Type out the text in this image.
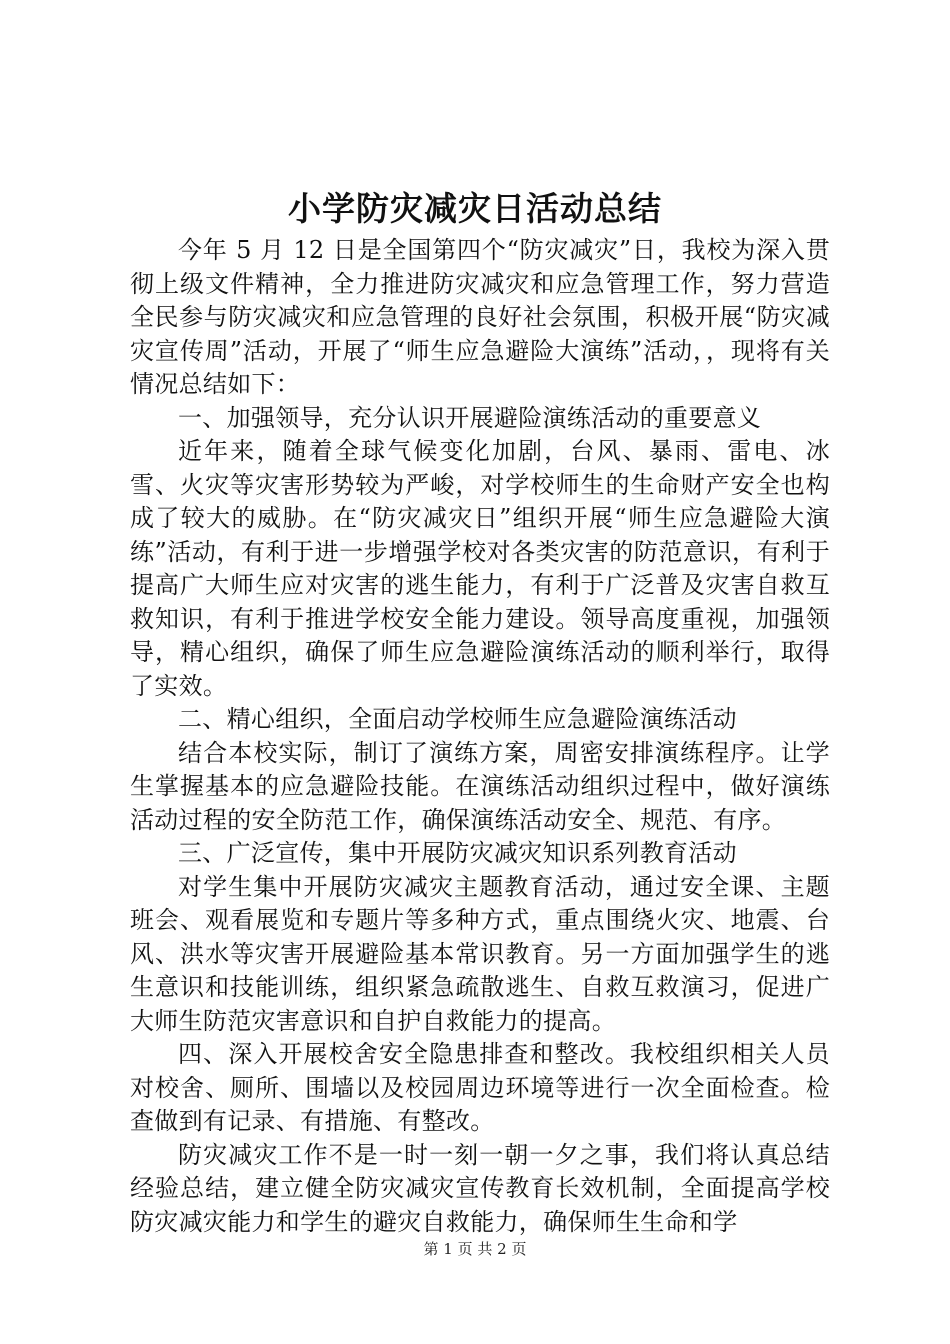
小学防灾减灾日活动总结

今年 5 月 12 日是全国第四个“防灾减灾”日，我校为深入贯彻上级文件精神，全力推进防灾减灾和应急管理工作，努力营造全民参与防灾减灾和应急管理的良好社会氛围，积极开展“防灾减灾宣传周”活动，开展了“师生应急避险大演练”活动，，现将有关情况总结如下：

一、加强领导，充分认识开展避险演练活动的重要意义

近年来，随着全球气候变化加剧，台风、暴雨、雷电、冰雪、火灾等灾害形势较为严峻，对学校师生的生命财产安全也构成了较大的威胁。在“防灾减灾日”组织开展“师生应急避险大演练”活动，有利于进一步增强学校对各类灾害的防范意识，有利于提高广大师生应对灾害的逃生能力，有利于广泛普及灾害自救互救知识，有利于推进学校安全能力建设。领导高度重视，加强领导，精心组织，确保了师生应急避险演练活动的顺利举行，取得了实效。

二、精心组织，全面启动学校师生应急避险演练活动

结合本校实际，制订了演练方案，周密安排演练程序。让学生掌握基本的应急避险技能。在演练活动组织过程中，做好演练活动过程的安全防范工作，确保演练活动安全、规范、有序。

三、广泛宣传，集中开展防灾减灾知识系列教育活动

对学生集中开展防灾减灾主题教育活动，通过安全课、主题班会、观看展览和专题片等多种方式，重点围绕火灾、地震、台风、洪水等灾害开展避险基本常识教育。另一方面加强学生的逃生意识和技能训练，组织紧急疏散逃生、自救互救演习，促进广大师生防范灾害意识和自护自救能力的提高。

四、深入开展校舍安全隐患排查和整改。我校组织相关人员对校舍、厕所、围墙以及校园周边环境等进行一次全面检查。检查做到有记录、有措施、有整改。

防灾减灾工作不是一时一刻一朝一夕之事，我们将认真总结经验总结，建立健全防灾减灾宣传教育长效机制，全面提高学校防灾减灾能力和学生的避灾自救能力，确保师生生命和学

第 1 页 共 2 页
